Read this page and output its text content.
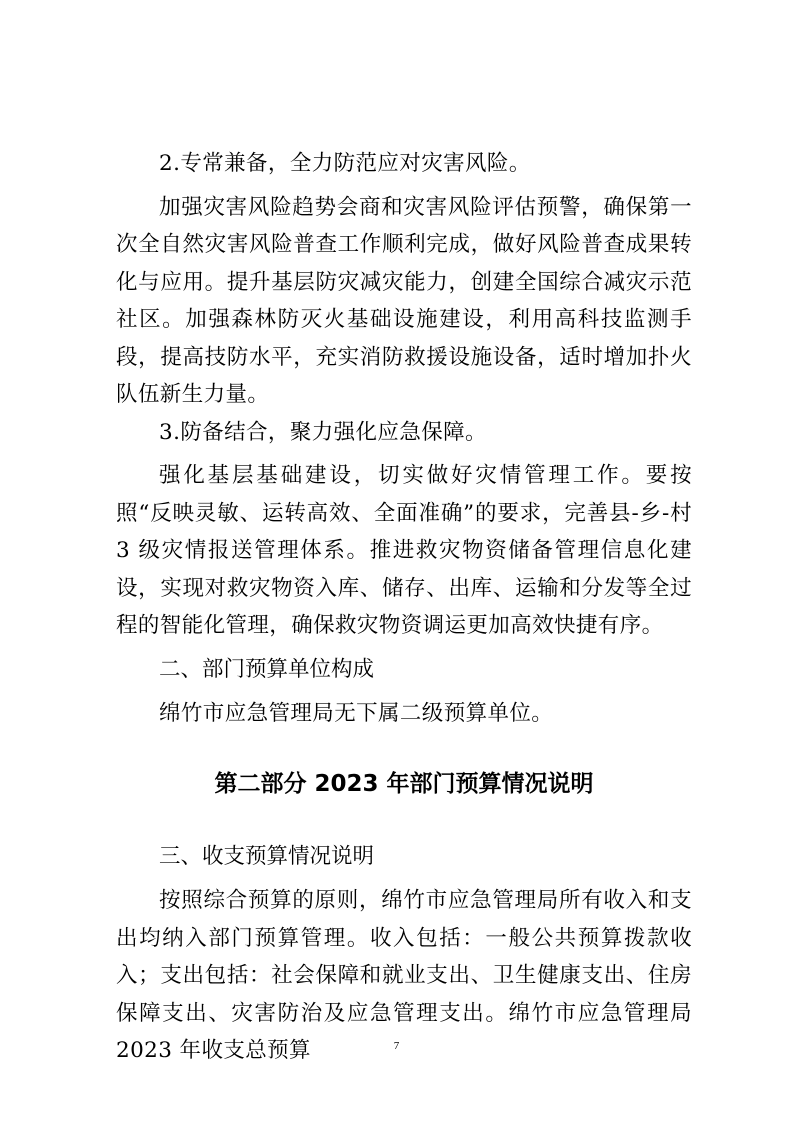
2.专常兼备，全力防范应对灾害风险。

加强灾害风险趋势会商和灾害风险评估预警，确保第一次全自然灾害风险普查工作顺利完成，做好风险普查成果转化与应用。提升基层防灾减灾能力，创建全国综合减灾示范社区。加强森林防灭火基础设施建设，利用高科技监测手段，提高技防水平，充实消防救援设施设备，适时增加扑火队伍新生力量。

3.防备结合，聚力强化应急保障。

强化基层基础建设，切实做好灾情管理工作。要按照“反映灵敏、运转高效、全面准确”的要求，完善县-乡-村 3 级灾情报送管理体系。推进救灾物资储备管理信息化建设，实现对救灾物资入库、储存、出库、运输和分发等全过程的智能化管理，确保救灾物资调运更加高效快捷有序。

二、部门预算单位构成

绵竹市应急管理局无下属二级预算单位。

第二部分 2023 年部门预算情况说明

三、收支预算情况说明

按照综合预算的原则，绵竹市应急管理局所有收入和支出均纳入部门预算管理。收入包括：一般公共预算拨款收入；支出包括：社会保障和就业支出、卫生健康支出、住房保障支出、灾害防治及应急管理支出。绵竹市应急管理局2023 年收支总预算	7
